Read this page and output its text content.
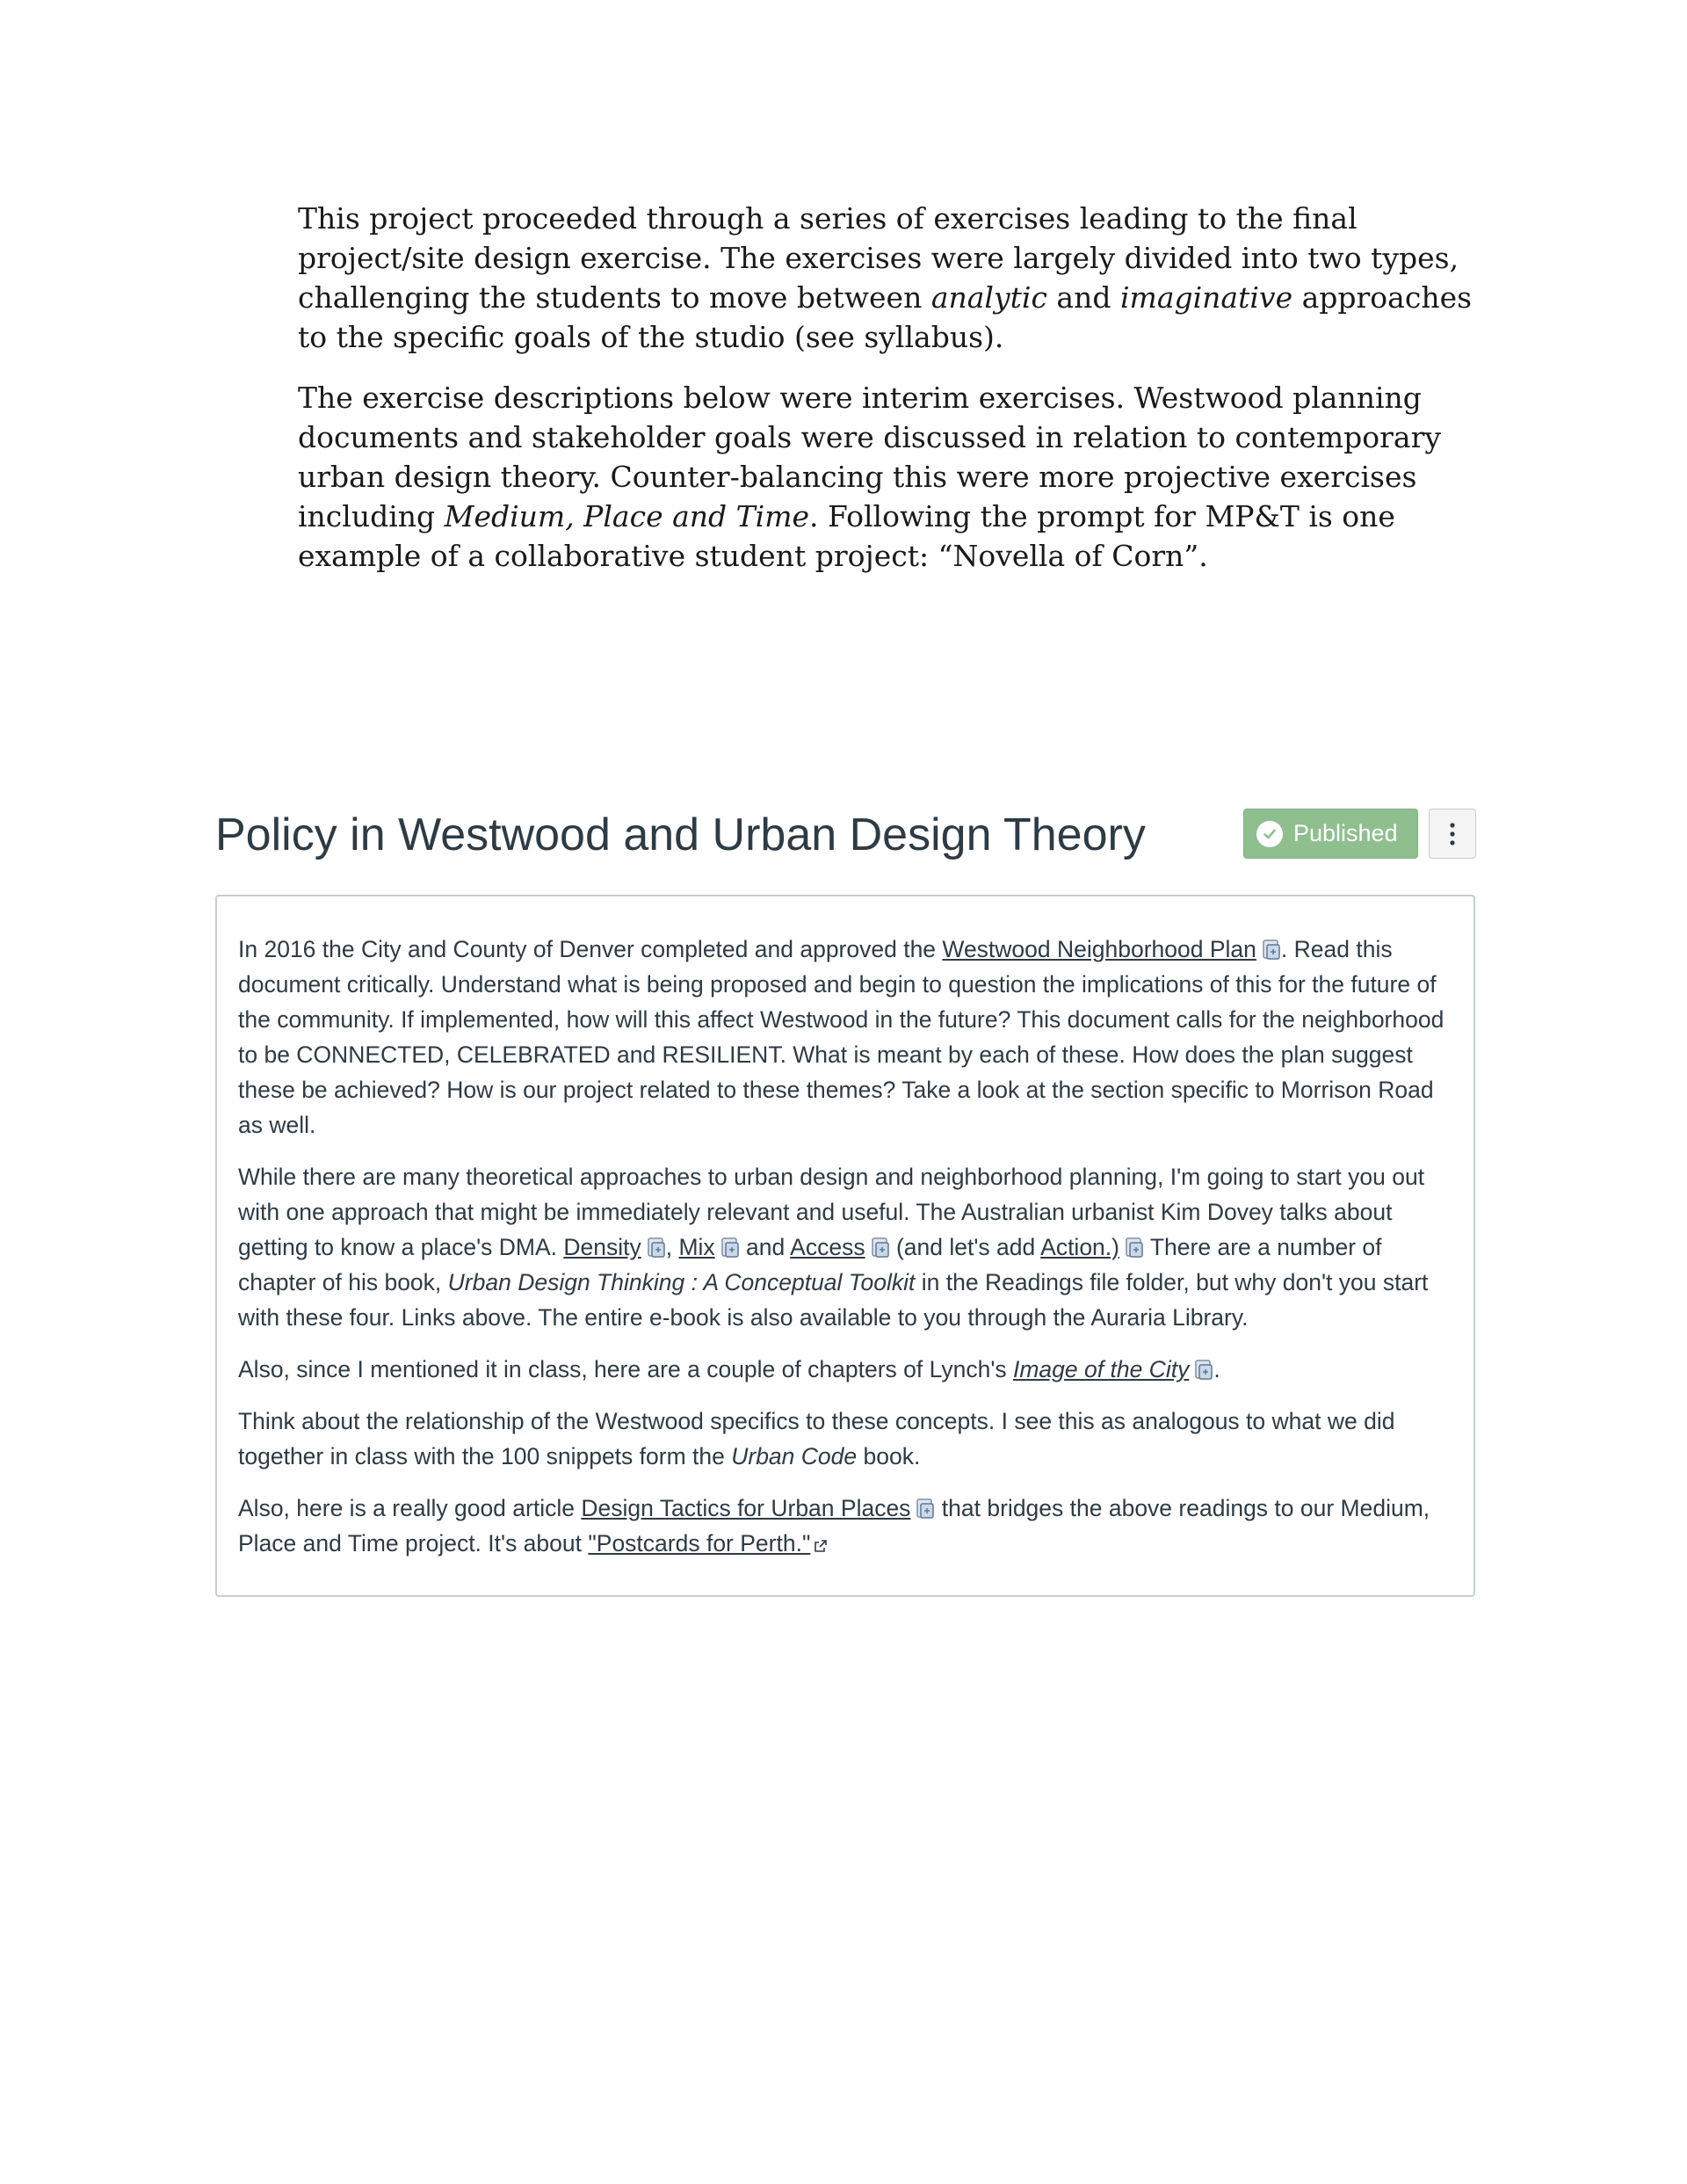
This project proceeded through a series of exercises leading to the final project/site design exercise. The exercises were largely divided into two types, challenging the students to move between analytic and imaginative approaches to the specific goals of the studio (see syllabus).

The exercise descriptions below were interim exercises. Westwood planning documents and stakeholder goals were discussed in relation to contemporary urban design theory. Counter-balancing this were more projective exercises including Medium, Place and Time. Following the prompt for MP&T is one example of a collaborative student project: “Novella of Corn”.

Policy in Westwood and Urban Design Theory	Published

In 2016 the City and County of Denver completed and approved the Westwood Neighborhood Plan . Read this document critically. Understand what is being proposed and begin to question the implications of this for the future of the community. If implemented, how will this affect Westwood in the future? This document calls for the neighborhood to be CONNECTED, CELEBRATED and RESILIENT. What is meant by each of these. How does the plan suggest these be achieved? How is our project related to these themes? Take a look at the section specific to Morrison Road as well.

While there are many theoretical approaches to urban design and neighborhood planning, I'm going to start you out with one approach that might be immediately relevant and useful. The Australian urbanist Kim Dovey talks about getting to know a place's DMA. Density , Mix and Access (and let's add Action.) There are a number of chapter of his book, Urban Design Thinking : A Conceptual Toolkit in the Readings file folder, but why don't you start with these four. Links above. The entire e-book is also available to you through the Auraria Library.

Also, since I mentioned it in class, here are a couple of chapters of Lynch's Image of the City .

Think about the relationship of the Westwood specifics to these concepts. I see this as analogous to what we did together in class with the 100 snippets form the Urban Code book.

Also, here is a really good article Design Tactics for Urban Places that bridges the above readings to our Medium, Place and Time project. It's about "Postcards for Perth."
